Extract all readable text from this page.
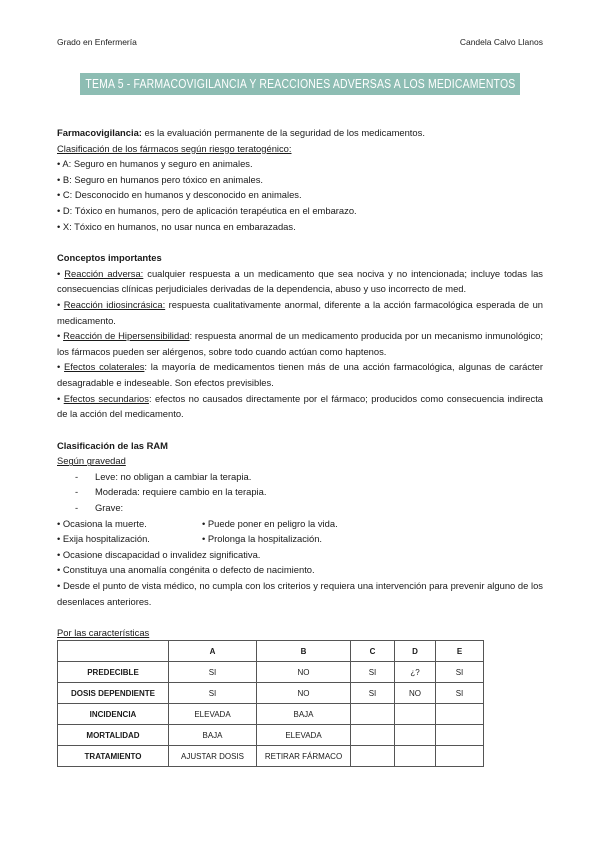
Grado en Enfermería	Candela Calvo Llanos
TEMA 5 - FARMACOVIGILANCIA Y REACCIONES ADVERSAS A LOS MEDICAMENTOS
Farmacovigilancia: es la evaluación permanente de la seguridad de los medicamentos.
Clasificación de los fármacos según riesgo teratogénico:
• A: Seguro en humanos y seguro en animales.
• B: Seguro en humanos pero tóxico en animales.
• C: Desconocido en humanos y desconocido en animales.
• D: Tóxico en humanos, pero de aplicación terapéutica en el embarazo.
• X: Tóxico en humanos, no usar nunca en embarazadas.
Conceptos importantes
• Reacción adversa: cualquier respuesta a un medicamento que sea nociva y no intencionada; incluye todas las consecuencias clínicas perjudiciales derivadas de la dependencia, abuso y uso incorrecto de med.
• Reacción idiosincrásica: respuesta cualitativamente anormal, diferente a la acción farmacológica esperada de un medicamento.
• Reacción de Hipersensibilidad: respuesta anormal de un medicamento producida por un mecanismo inmunológico; los fármacos pueden ser alérgenos, sobre todo cuando actúan como haptenos.
• Efectos colaterales: la mayoría de medicamentos tienen más de una acción farmacológica, algunas de carácter desagradable e indeseable. Son efectos previsibles.
• Efectos secundarios: efectos no causados directamente por el fármaco; producidos como consecuencia indirecta de la acción del medicamento.
Clasificación de las RAM
Según gravedad
- Leve: no obligan a cambiar la terapia.
- Moderada: requiere cambio en la terapia.
- Grave:
• Ocasiona la muerte.	• Puede poner en peligro la vida.
• Exija hospitalización.	• Prolonga la hospitalización.
• Ocasione discapacidad o invalidez significativa.
• Constituya una anomalía congénita o defecto de nacimiento.
• Desde el punto de vista médico, no cumpla con los criterios y requiera una intervención para prevenir alguno de los desenlaces anteriores.
Por las características
	A	B	C	D	E
PREDECIBLE	SI	NO	SI	¿?	SI
DOSIS DEPENDIENTE	SI	NO	SI	NO	SI
INCIDENCIA	ELEVADA	BAJA			
MORTALIDAD	BAJA	ELEVADA			
TRATAMIENTO	AJUSTAR DOSIS	RETIRAR FÁRMACO			
